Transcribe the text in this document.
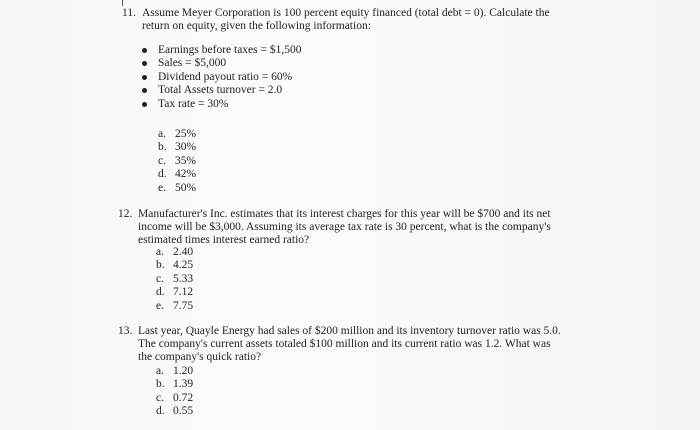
11. Assume Meyer Corporation is 100 percent equity financed (total debt = 0). Calculate the
return on equity, given the following information:

Earnings before taxes = $1,500
Sales = $5,000
Dividend payout ratio = 60%
Total Assets turnover = 2.0
Tax rate = 30%
a. 25%
b. 30%
c. 35%
d. 42%
e. 50%

12. Manufacturer's Inc. estimates that its interest charges for this year will be $700 and its net
income will be $3,000. Assuming its average tax rate is 30 percent, what is the company's
estimated times interest earned ratio?

a. 2.40
b. 4.25
c. 5.33
d. 7.12
e. 7.75

13. Last year, Quayle Energy had sales of $200 million and its inventory turnover ratio was 5.0.
The company's current assets totaled $100 million and its current ratio was 1.2. What was
the company's quick ratio?

a. 1.20
b. 1.39
c. 0.72
d. 0.55
